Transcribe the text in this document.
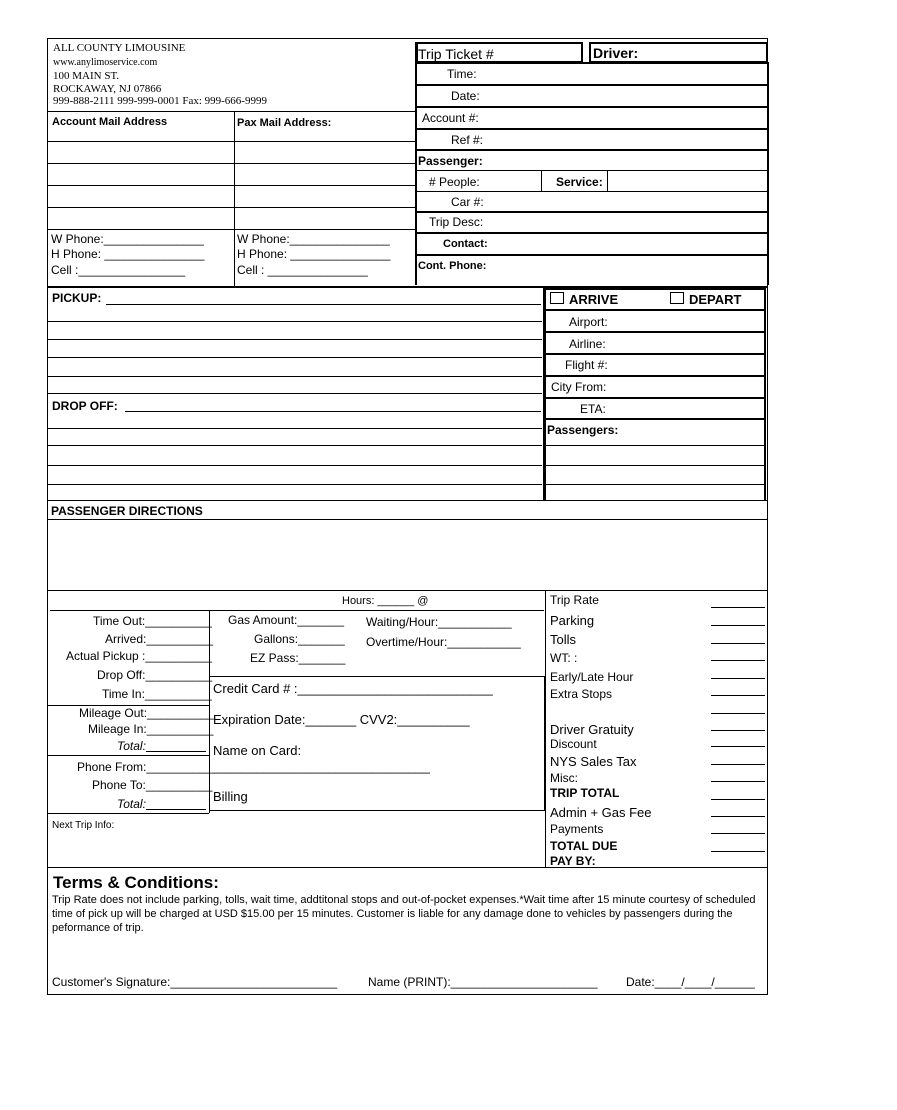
ALL COUNTY LIMOUSINE
www.anylimoservice.com
100 MAIN ST.
ROCKAWAY, NJ 07866
999-888-2111 999-999-0001 Fax: 999-666-9999
Trip Ticket #	Driver:
Time:
Date:
Account #:
Ref #:
Passenger:
# People:	Service:
Car #:
Trip Desc:
Contact:
Cont. Phone:
Account Mail Address	Pax Mail Address:
W Phone:_______________
H Phone: _______________
Cell :________________
W Phone:_______________
H Phone: _______________
Cell : _______________
PICKUP:
DROP OFF:
ARRIVE	DEPART
Airport:
Airline:
Flight #:
City From:
ETA:
Passengers:
PASSENGER DIRECTIONS
Hours: ______ @
Time Out:__________
Arrived:__________
Actual Pickup :__________
Drop Off:__________
Time In:__________
Mileage Out:__________
Mileage In:__________
Total:
Phone From:__________
Phone To:__________
Total:
Gas Amount:_______
Gallons:_______
EZ Pass:_______
Waiting/Hour:___________
Overtime/Hour:___________
Credit Card # :___________________________
Expiration Date:_______ CVV2:__________
Name on Card:
______________________________
Billing
Next Trip Info:
Trip Rate
Parking
Tolls
WT: :
Early/Late Hour
Extra Stops
Driver Gratuity
Discount
NYS Sales Tax
Misc:
TRIP TOTAL
Admin + Gas Fee
Payments
TOTAL DUE
PAY BY:
Terms & Conditions:
Trip Rate does not include parking, tolls, wait time, addtitonal stops and out-of-pocket expenses.*Wait time after 15 minute courtesy of scheduled time of pick up will be charged at USD $15.00 per 15 minutes. Customer is liable for any damage done to vehicles by passengers during the peformance of trip.
Customer's Signature:_________________________	Name (PRINT):______________________ Date:____/____/______
